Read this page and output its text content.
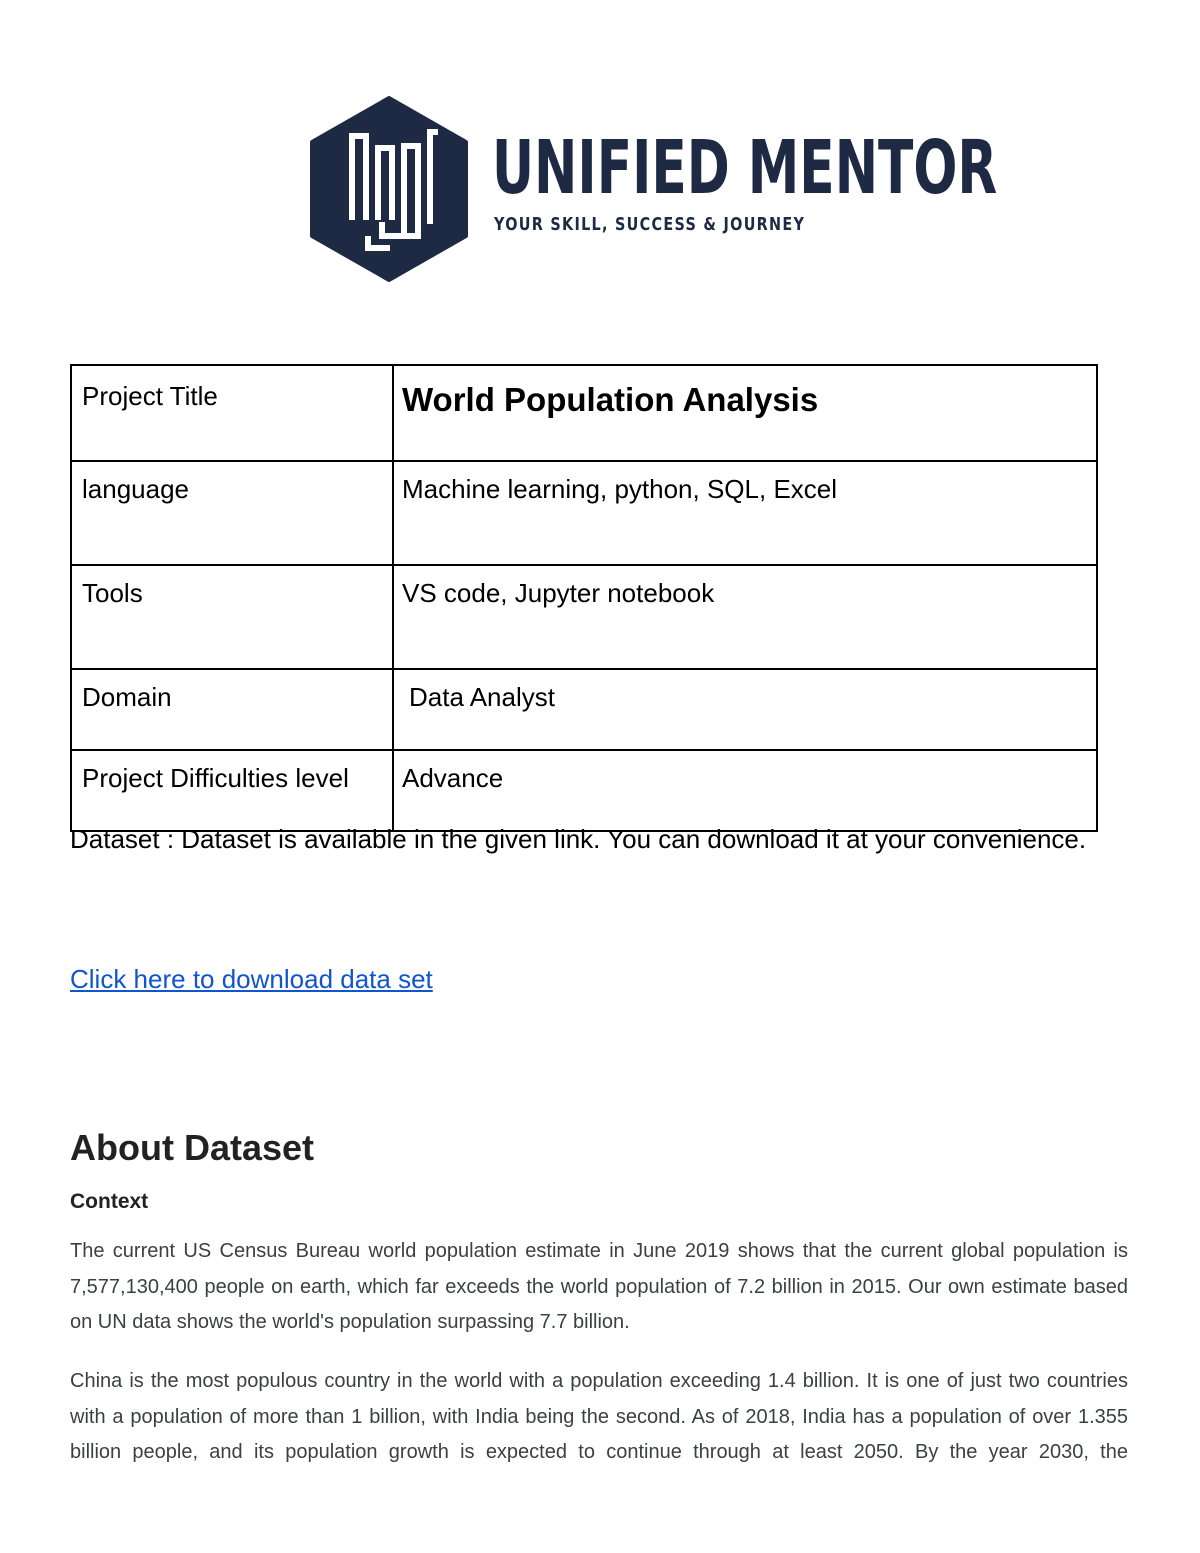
UNIFIED MENTOR
YOUR SKILL, SUCCESS & JOURNEY
Project Title	World Population Analysis
language	Machine learning, python, SQL, Excel
Tools	VS code, Jupyter notebook
Domain	Data Analyst
Project Difficulties level	Advance

Dataset : Dataset is available in the given link. You can download it at your convenience.

Click here to download data set
About Dataset
Context

The current US Census Bureau world population estimate in June 2019 shows that the current global population is 7,577,130,400 people on earth, which far exceeds the world population of 7.2 billion in 2015. Our own estimate based on UN data shows the world's population surpassing 7.7 billion.

China is the most populous country in the world with a population exceeding 1.4 billion. It is one of just two countries with a population of more than 1 billion, with India being the second. As of 2018, India has a population of over 1.355 billion people, and its population growth is expected to continue through at least 2050. By the year 2030, the
